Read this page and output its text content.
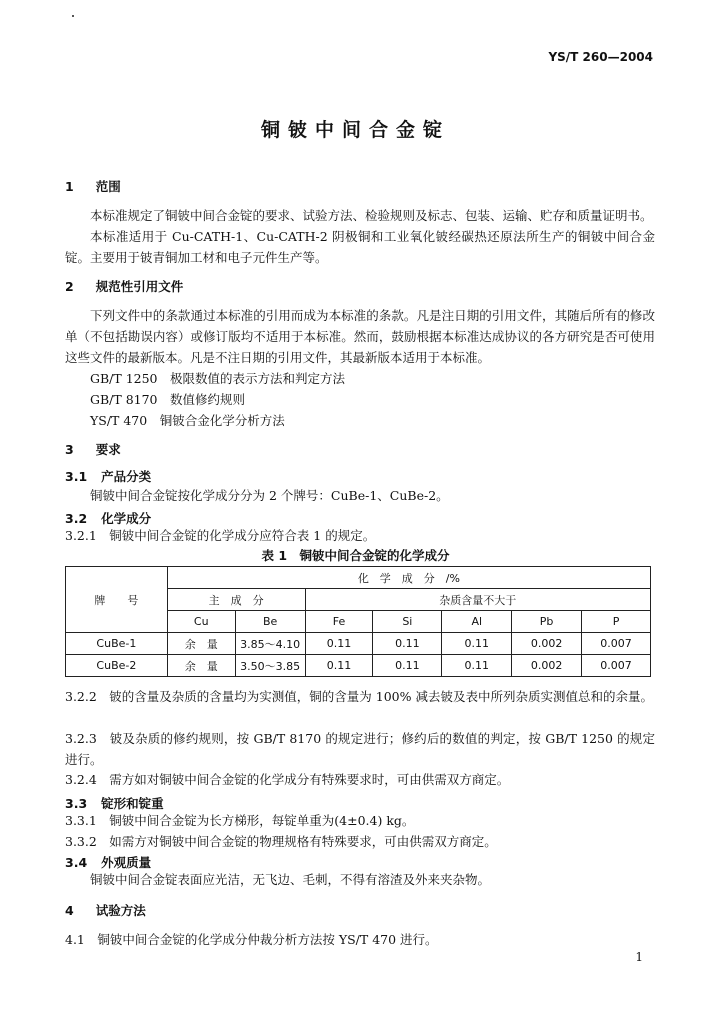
YS/T 260—2004
铜铍中间合金锭
1 范围
本标准规定了铜铍中间合金锭的要求、试验方法、检验规则及标志、包装、运输、贮存和质量证明书。
本标准适用于 Cu-CATH-1、Cu-CATH-2 阴极铜和工业氧化铍经碳热还原法所生产的铜铍中间合金锭。主要用于铍青铜加工材和电子元件生产等。
2 规范性引用文件
下列文件中的条款通过本标准的引用而成为本标准的条款。凡是注日期的引用文件，其随后所有的修改单（不包括勘误内容）或修订版均不适用于本标准。然而，鼓励根据本标准达成协议的各方研究是否可使用这些文件的最新版本。凡是不注日期的引用文件，其最新版本适用于本标准。
GB/T 1250　极限数值的表示方法和判定方法
GB/T 8170　数值修约规则
YS/T 470　铜铍合金化学分析方法
3 要求
3.1 产品分类
铜铍中间合金锭按化学成分分为 2 个牌号：CuBe-1、CuBe-2。
3.2 化学成分
3.2.1　铜铍中间合金锭的化学成分应符合表 1 的规定。
表 1　铜铍中间合金锭的化学成分
牌　　号	化　学　成　分　/%						
	主　成　分		杂质含量不大于				
	Cu	Be	Fe	Si	Al	Pb	P
CuBe-1	余　量	3.85～4.10	0.11	0.11	0.11	0.002	0.007
CuBe-2	余　量	3.50～3.85	0.11	0.11	0.11	0.002	0.007
3.2.2　铍的含量及杂质的含量均为实测值，铜的含量为 100% 减去铍及表中所列杂质实测值总和的余量。
3.2.3　铍及杂质的修约规则，按 GB/T 8170 的规定进行；修约后的数值的判定，按 GB/T 1250 的规定进行。
3.2.4　需方如对铜铍中间合金锭的化学成分有特殊要求时，可由供需双方商定。
3.3 锭形和锭重
3.3.1　铜铍中间合金锭为长方梯形，每锭单重为(4±0.4) kg。
3.3.2　如需方对铜铍中间合金锭的物理规格有特殊要求，可由供需双方商定。
3.4 外观质量
铜铍中间合金锭表面应光洁，无飞边、毛刺，不得有溶渣及外来夹杂物。
4 试验方法
4.1　铜铍中间合金锭的化学成分仲裁分析方法按 YS/T 470 进行。
1
